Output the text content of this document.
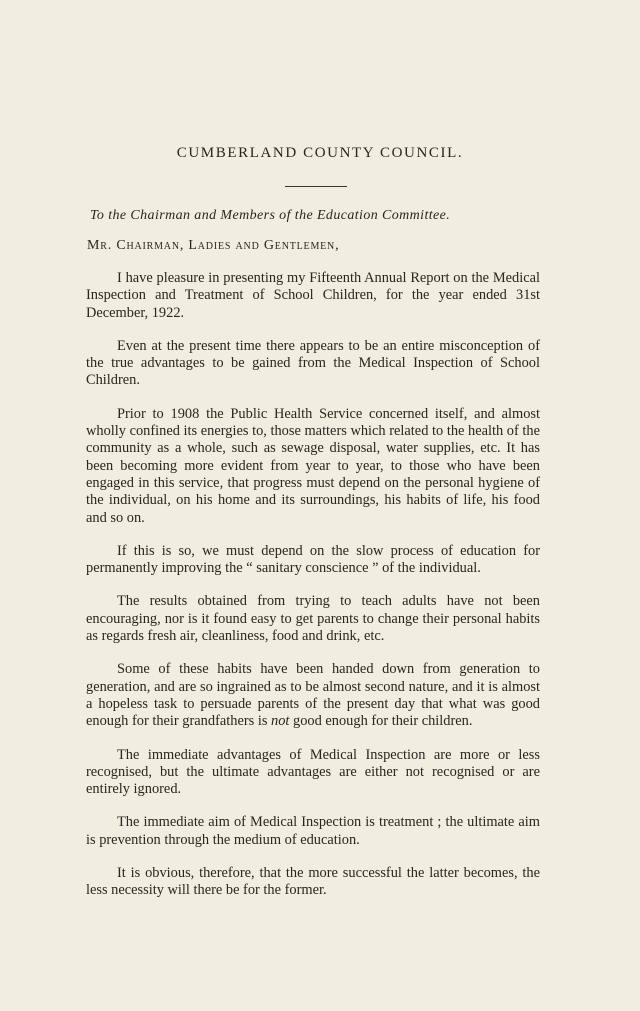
CUMBERLAND COUNTY COUNCIL.
To the Chairman and Members of the Education Committee.
Mr. Chairman, Ladies and Gentlemen,

I have pleasure in presenting my Fifteenth Annual Report on the Medical Inspection and Treatment of School Children, for the year ended 31st December, 1922.

Even at the present time there appears to be an entire misconception of the true advantages to be gained from the Medical Inspection of School Children.

Prior to 1908 the Public Health Service concerned itself, and almost wholly confined its energies to, those matters which related to the health of the community as a whole, such as sewage disposal, water supplies, etc. It has been becoming more evident from year to year, to those who have been engaged in this service, that progress must depend on the personal hygiene of the individual, on his home and its surroundings, his habits of life, his food and so on.

If this is so, we must depend on the slow process of education for permanently improving the “ sanitary conscience ” of the individual.

The results obtained from trying to teach adults have not been encouraging, nor is it found easy to get parents to change their personal habits as regards fresh air, cleanliness, food and drink, etc.

Some of these habits have been handed down from generation to generation, and are so ingrained as to be almost second nature, and it is almost a hopeless task to persuade parents of the present day that what was good enough for their grandfathers is not good enough for their children.

The immediate advantages of Medical Inspection are more or less recognised, but the ultimate advantages are either not recognised or are entirely ignored.

The immediate aim of Medical Inspection is treatment ; the ultimate aim is prevention through the medium of education.

It is obvious, therefore, that the more successful the latter becomes, the less necessity will there be for the former.
